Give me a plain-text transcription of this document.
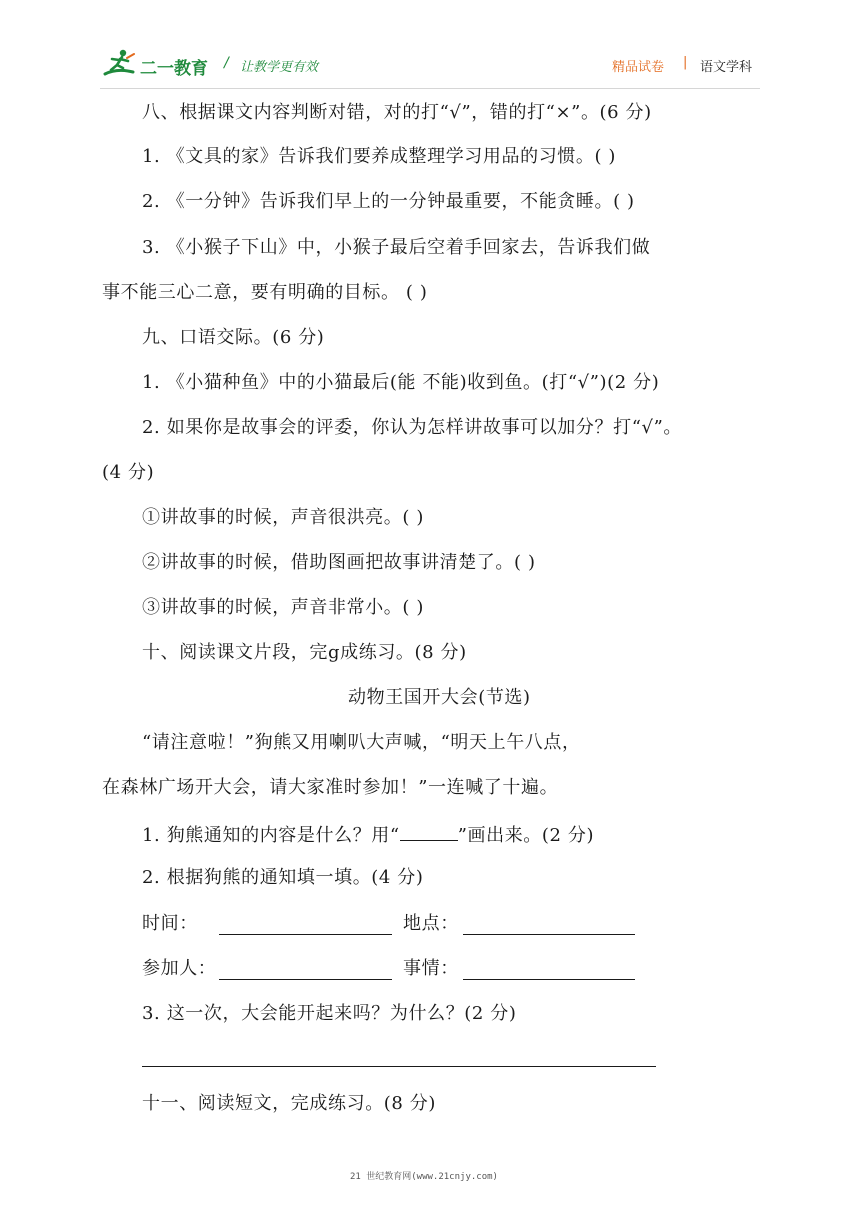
二一教育 / 让教学更有效	精品试卷 | 语文学科
八、根据课文内容判断对错，对的打“√”，错的打“×”。(6 分)
1. 《文具的家》告诉我们要养成整理学习用品的习惯。( )
2. 《一分钟》告诉我们早上的一分钟最重要，不能贪睡。( )
3. 《小猴子下山》中，小猴子最后空着手回家去，告诉我们做
事不能三心二意，要有明确的目标。 ( )
九、口语交际。(6 分)
1. 《小猫种鱼》中的小猫最后(能 不能)收到鱼。(打“√”)(2 分)
2. 如果你是故事会的评委，你认为怎样讲故事可以加分？打“√”。
(4 分)
①讲故事的时候，声音很洪亮。( )
②讲故事的时候，借助图画把故事讲清楚了。( )
③讲故事的时候，声音非常小。( )
十、阅读课文片段，完g成练习。(8 分)
动物王国开大会(节选)
“请注意啦！”狗熊又用喇叭大声喊，“明天上午八点，
在森林广场开大会，请大家准时参加！”一连喊了十遍。
1. 狗熊通知的内容是什么？用“	”画出来。(2 分)
2. 根据狗熊的通知填一填。(4 分)
时间：	地点：
参加人：	事情：
3. 这一次，大会能开起来吗？为什么？(2 分)
十一、阅读短文，完成练习。(8 分)
21 世纪教育网(www.21cnjy.com)
